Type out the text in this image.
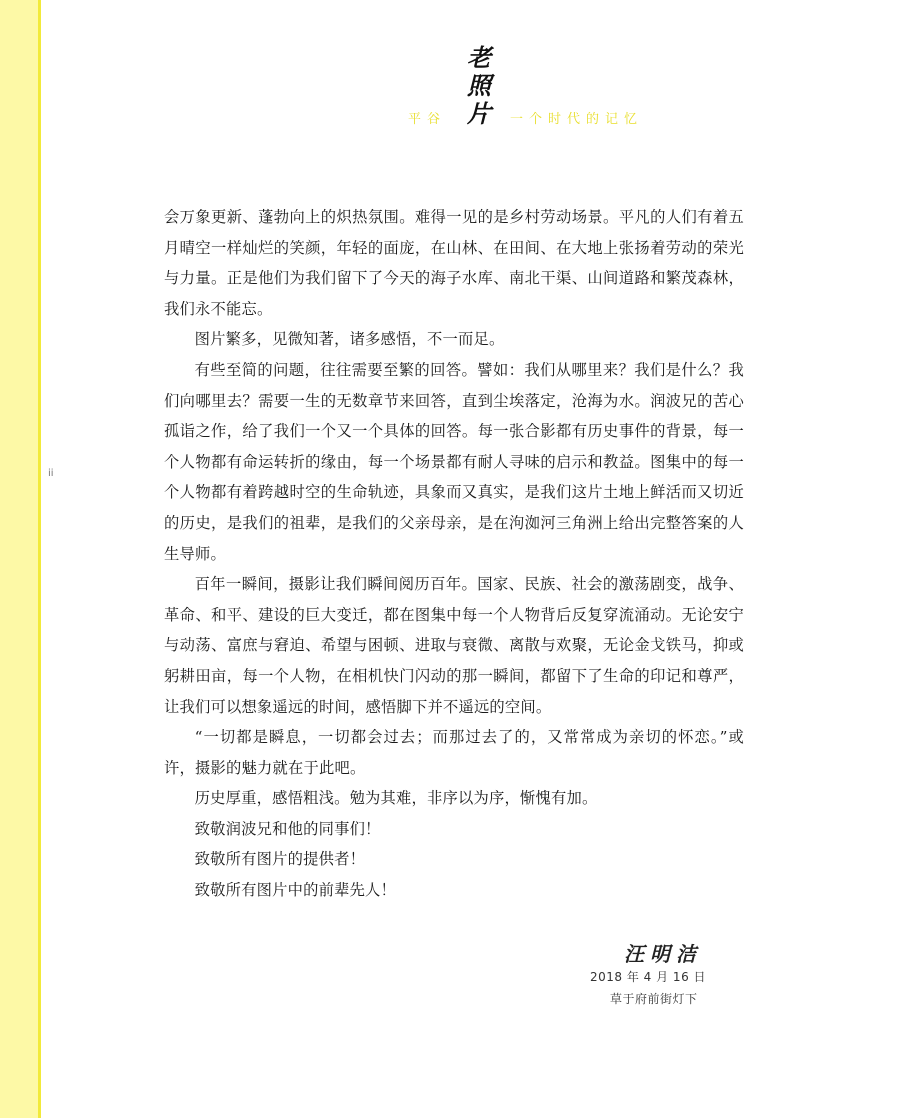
ii
老
照
片
平谷	一个时代的记忆

会万象更新、蓬勃向上的炽热氛围。难得一见的是乡村劳动场景。平凡的人们有着五月晴空一样灿烂的笑颜，年轻的面庞，在山林、在田间、在大地上张扬着劳动的荣光与力量。正是他们为我们留下了今天的海子水库、南北干渠、山间道路和繁茂森林，我们永不能忘。

图片繁多，见微知著，诸多感悟，不一而足。

有些至简的问题，往往需要至繁的回答。譬如：我们从哪里来？我们是什么？我们向哪里去？需要一生的无数章节来回答，直到尘埃落定，沧海为水。润波兄的苦心孤诣之作，给了我们一个又一个具体的回答。每一张合影都有历史事件的背景，每一个人物都有命运转折的缘由，每一个场景都有耐人寻味的启示和教益。图集中的每一个人物都有着跨越时空的生命轨迹，具象而又真实，是我们这片土地上鲜活而又切近的历史，是我们的祖辈，是我们的父亲母亲，是在泃洳河三角洲上给出完整答案的人生导师。

百年一瞬间，摄影让我们瞬间阅历百年。国家、民族、社会的激荡剧变，战争、革命、和平、建设的巨大变迁，都在图集中每一个人物背后反复穿流涌动。无论安宁与动荡、富庶与窘迫、希望与困顿、进取与衰微、离散与欢聚，无论金戈铁马，抑或躬耕田亩，每一个人物，在相机快门闪动的那一瞬间，都留下了生命的印记和尊严，让我们可以想象遥远的时间，感悟脚下并不遥远的空间。

“一切都是瞬息，一切都会过去；而那过去了的，又常常成为亲切的怀恋。”或许，摄影的魅力就在于此吧。

历史厚重，感悟粗浅。勉为其难，非序以为序，惭愧有加。

致敬润波兄和他的同事们！

致敬所有图片的提供者！

致敬所有图片中的前辈先人！

汪明洁
2018 年 4 月 16 日
草于府前街灯下
